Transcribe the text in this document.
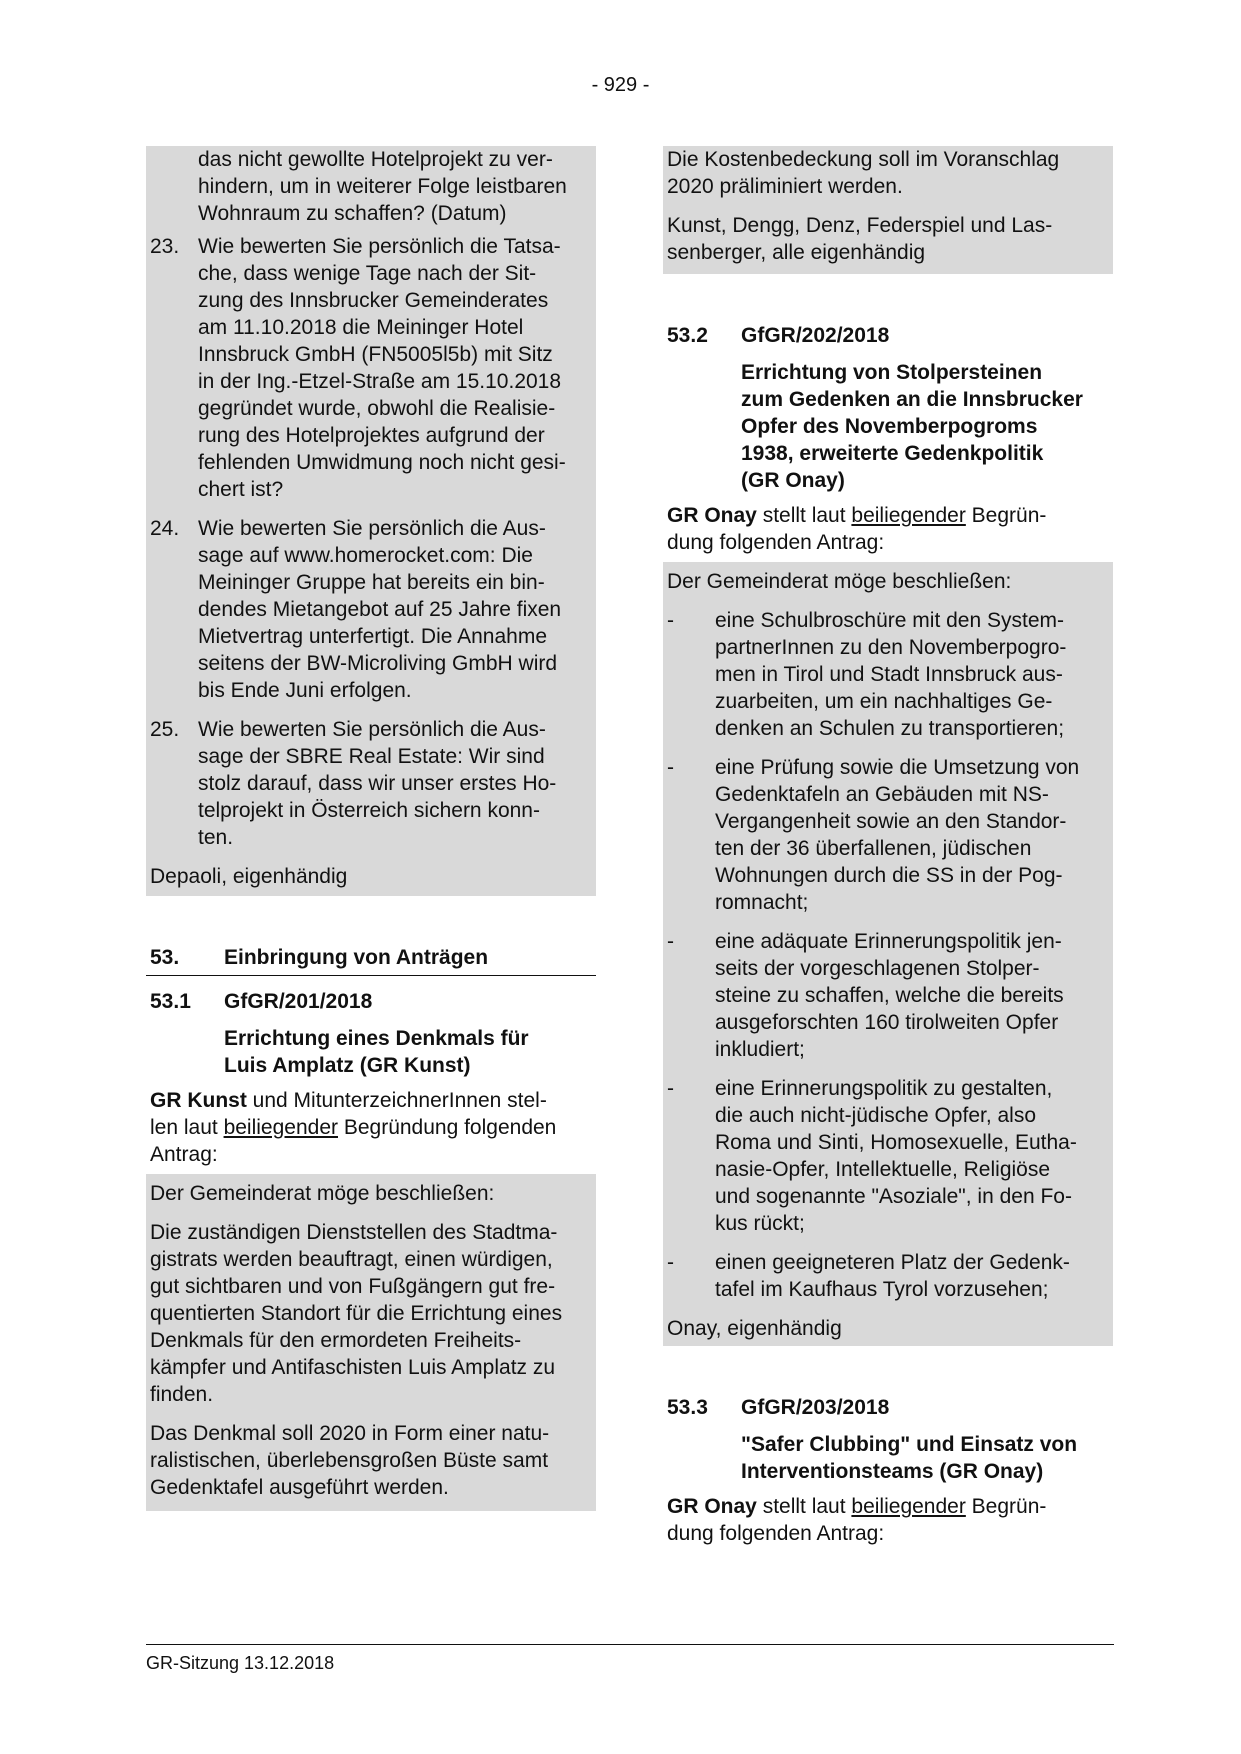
- 929 -
das nicht gewollte Hotelprojekt zu ver-
hindern, um in weiterer Folge leistbaren
Wohnraum zu schaffen? (Datum)
23. Wie bewerten Sie persönlich die Tatsa-
che, dass wenige Tage nach der Sit-
zung des Innsbrucker Gemeinderates
am 11.10.2018 die Meininger Hotel
Innsbruck GmbH (FN5005l5b) mit Sitz
in der Ing.-Etzel-Straße am 15.10.2018
gegründet wurde, obwohl die Realisie-
rung des Hotelprojektes aufgrund der
fehlenden Umwidmung noch nicht gesi-
chert ist?
24. Wie bewerten Sie persönlich die Aus-
sage auf www.homerocket.com: Die
Meininger Gruppe hat bereits ein bin-
dendes Mietangebot auf 25 Jahre fixen
Mietvertrag unterfertigt. Die Annahme
seitens der BW-Microliving GmbH wird
bis Ende Juni erfolgen.
25. Wie bewerten Sie persönlich die Aus-
sage der SBRE Real Estate: Wir sind
stolz darauf, dass wir unser erstes Ho-
telprojekt in Österreich sichern konn-
ten.

Depaoli, eigenhändig

53.	Einbringung von Anträgen
53.1	GfGR/201/2018
Errichtung eines Denkmals für
Luis Amplatz (GR Kunst)
GR Kunst und MitunterzeichnerInnen stel-
len laut beiliegender Begründung folgenden
Antrag:

Der Gemeinderat möge beschließen:

Die zuständigen Dienststellen des Stadtma-
gistrats werden beauftragt, einen würdigen,
gut sichtbaren und von Fußgängern gut fre-
quentierten Standort für die Errichtung eines
Denkmals für den ermordeten Freiheits-
kämpfer und Antifaschisten Luis Amplatz zu
finden.

Das Denkmal soll 2020 in Form einer natu-
ralistischen, überlebensgroßen Büste samt
Gedenktafel ausgeführt werden.

Die Kostenbedeckung soll im Voranschlag
2020 präliminiert werden.

Kunst, Dengg, Denz, Federspiel und Las-
senberger, alle eigenhändig

53.2	GfGR/202/2018
Errichtung von Stolpersteinen
zum Gedenken an die Innsbrucker
Opfer des Novemberpogroms
1938, erweiterte Gedenkpolitik
(GR Onay)
GR Onay stellt laut beiliegender Begrün-
dung folgenden Antrag:

Der Gemeinderat möge beschließen:

-	eine Schulbroschüre mit den System-
partnerInnen zu den Novemberpogro-
men in Tirol und Stadt Innsbruck aus-
zuarbeiten, um ein nachhaltiges Ge-
denken an Schulen zu transportieren;
-	eine Prüfung sowie die Umsetzung von
Gedenktafeln an Gebäuden mit NS-
Vergangenheit sowie an den Standor-
ten der 36 überfallenen, jüdischen
Wohnungen durch die SS in der Pog-
romnacht;
-	eine adäquate Erinnerungspolitik jen-
seits der vorgeschlagenen Stolper-
steine zu schaffen, welche die bereits
ausgeforschten 160 tirolweiten Opfer
inkludiert;
-	eine Erinnerungspolitik zu gestalten,
die auch nicht-jüdische Opfer, also
Roma und Sinti, Homosexuelle, Eutha-
nasie-Opfer, Intellektuelle, Religiöse
und sogenannte "Asoziale", in den Fo-
kus rückt;
-	einen geeigneteren Platz der Gedenk-
tafel im Kaufhaus Tyrol vorzusehen;

Onay, eigenhändig

53.3	GfGR/203/2018
"Safer Clubbing" und Einsatz von
Interventionsteams (GR Onay)
GR Onay stellt laut beiliegender Begrün-
dung folgenden Antrag:
GR-Sitzung 13.12.2018
